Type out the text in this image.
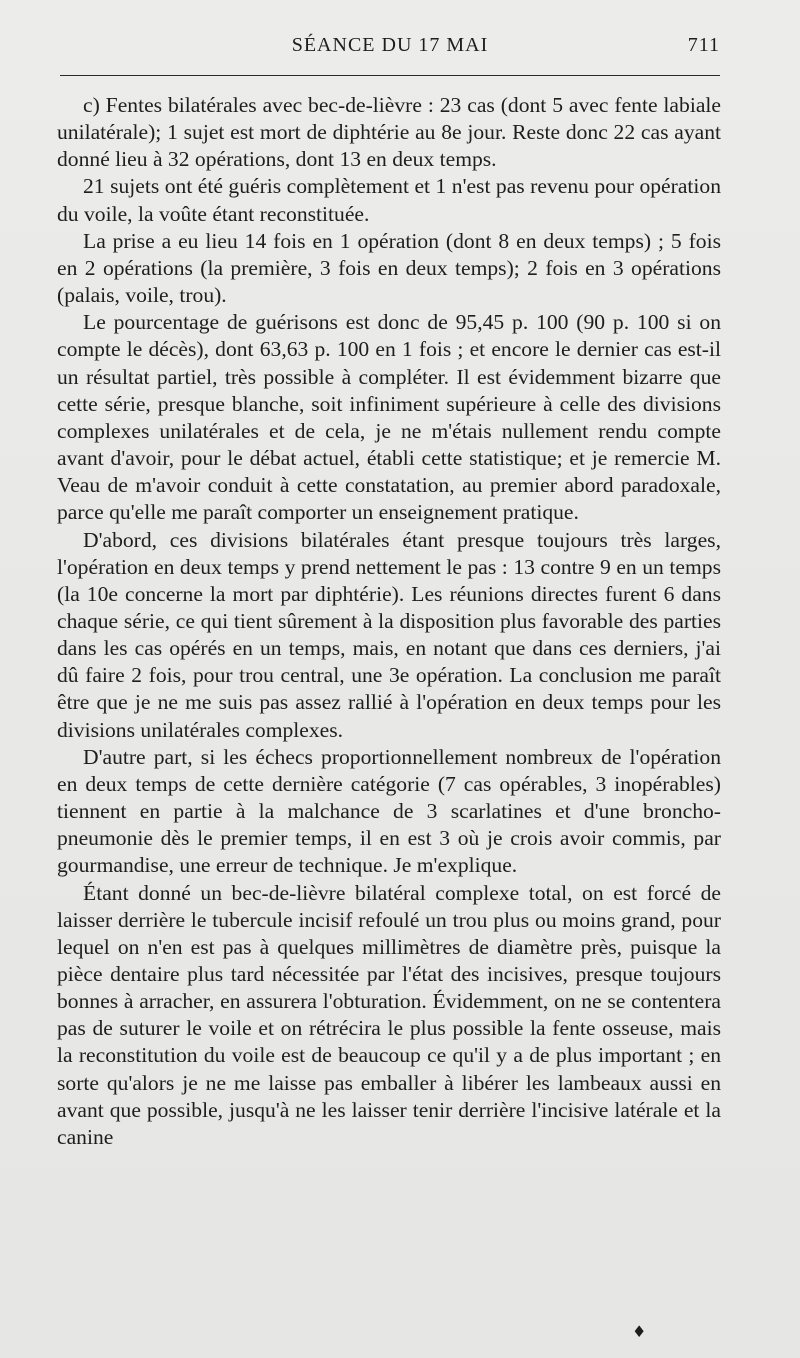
SÉANCE DU 17 MAI	711

c) Fentes bilatérales avec bec-de-lièvre : 23 cas (dont 5 avec fente labiale unilatérale); 1 sujet est mort de diphtérie au 8e jour. Reste donc 22 cas ayant donné lieu à 32 opérations, dont 13 en deux temps.

21 sujets ont été guéris complètement et 1 n'est pas revenu pour opération du voile, la voûte étant reconstituée.

La prise a eu lieu 14 fois en 1 opération (dont 8 en deux temps) ; 5 fois en 2 opérations (la première, 3 fois en deux temps); 2 fois en 3 opérations (palais, voile, trou).

Le pourcentage de guérisons est donc de 95,45 p. 100 (90 p. 100 si on compte le décès), dont 63,63 p. 100 en 1 fois ; et encore le dernier cas est-il un résultat partiel, très possible à compléter. Il est évidemment bizarre que cette série, presque blanche, soit infiniment supérieure à celle des divisions complexes unilatérales et de cela, je ne m'étais nullement rendu compte avant d'avoir, pour le débat actuel, établi cette statistique; et je remercie M. Veau de m'avoir conduit à cette constatation, au premier abord paradoxale, parce qu'elle me paraît comporter un enseignement pratique.

D'abord, ces divisions bilatérales étant presque toujours très larges, l'opération en deux temps y prend nettement le pas : 13 contre 9 en un temps (la 10e concerne la mort par diphtérie). Les réunions directes furent 6 dans chaque série, ce qui tient sûrement à la disposition plus favorable des parties dans les cas opérés en un temps, mais, en notant que dans ces derniers, j'ai dû faire 2 fois, pour trou central, une 3e opération. La conclusion me paraît être que je ne me suis pas assez rallié à l'opération en deux temps pour les divisions unilatérales complexes.

D'autre part, si les échecs proportionnellement nombreux de l'opération en deux temps de cette dernière catégorie (7 cas opérables, 3 inopérables) tiennent en partie à la malchance de 3 scarlatines et d'une broncho-pneumonie dès le premier temps, il en est 3 où je crois avoir commis, par gourmandise, une erreur de technique. Je m'explique.

Étant donné un bec-de-lièvre bilatéral complexe total, on est forcé de laisser derrière le tubercule incisif refoulé un trou plus ou moins grand, pour lequel on n'en est pas à quelques millimètres de diamètre près, puisque la pièce dentaire plus tard nécessitée par l'état des incisives, presque toujours bonnes à arracher, en assurera l'obturation. Évidemment, on ne se contentera pas de suturer le voile et on rétrécira le plus possible la fente osseuse, mais la reconstitution du voile est de beaucoup ce qu'il y a de plus important ; en sorte qu'alors je ne me laisse pas emballer à libérer les lambeaux aussi en avant que possible, jusqu'à ne les laisser tenir derrière l'incisive latérale et la canine

♦
